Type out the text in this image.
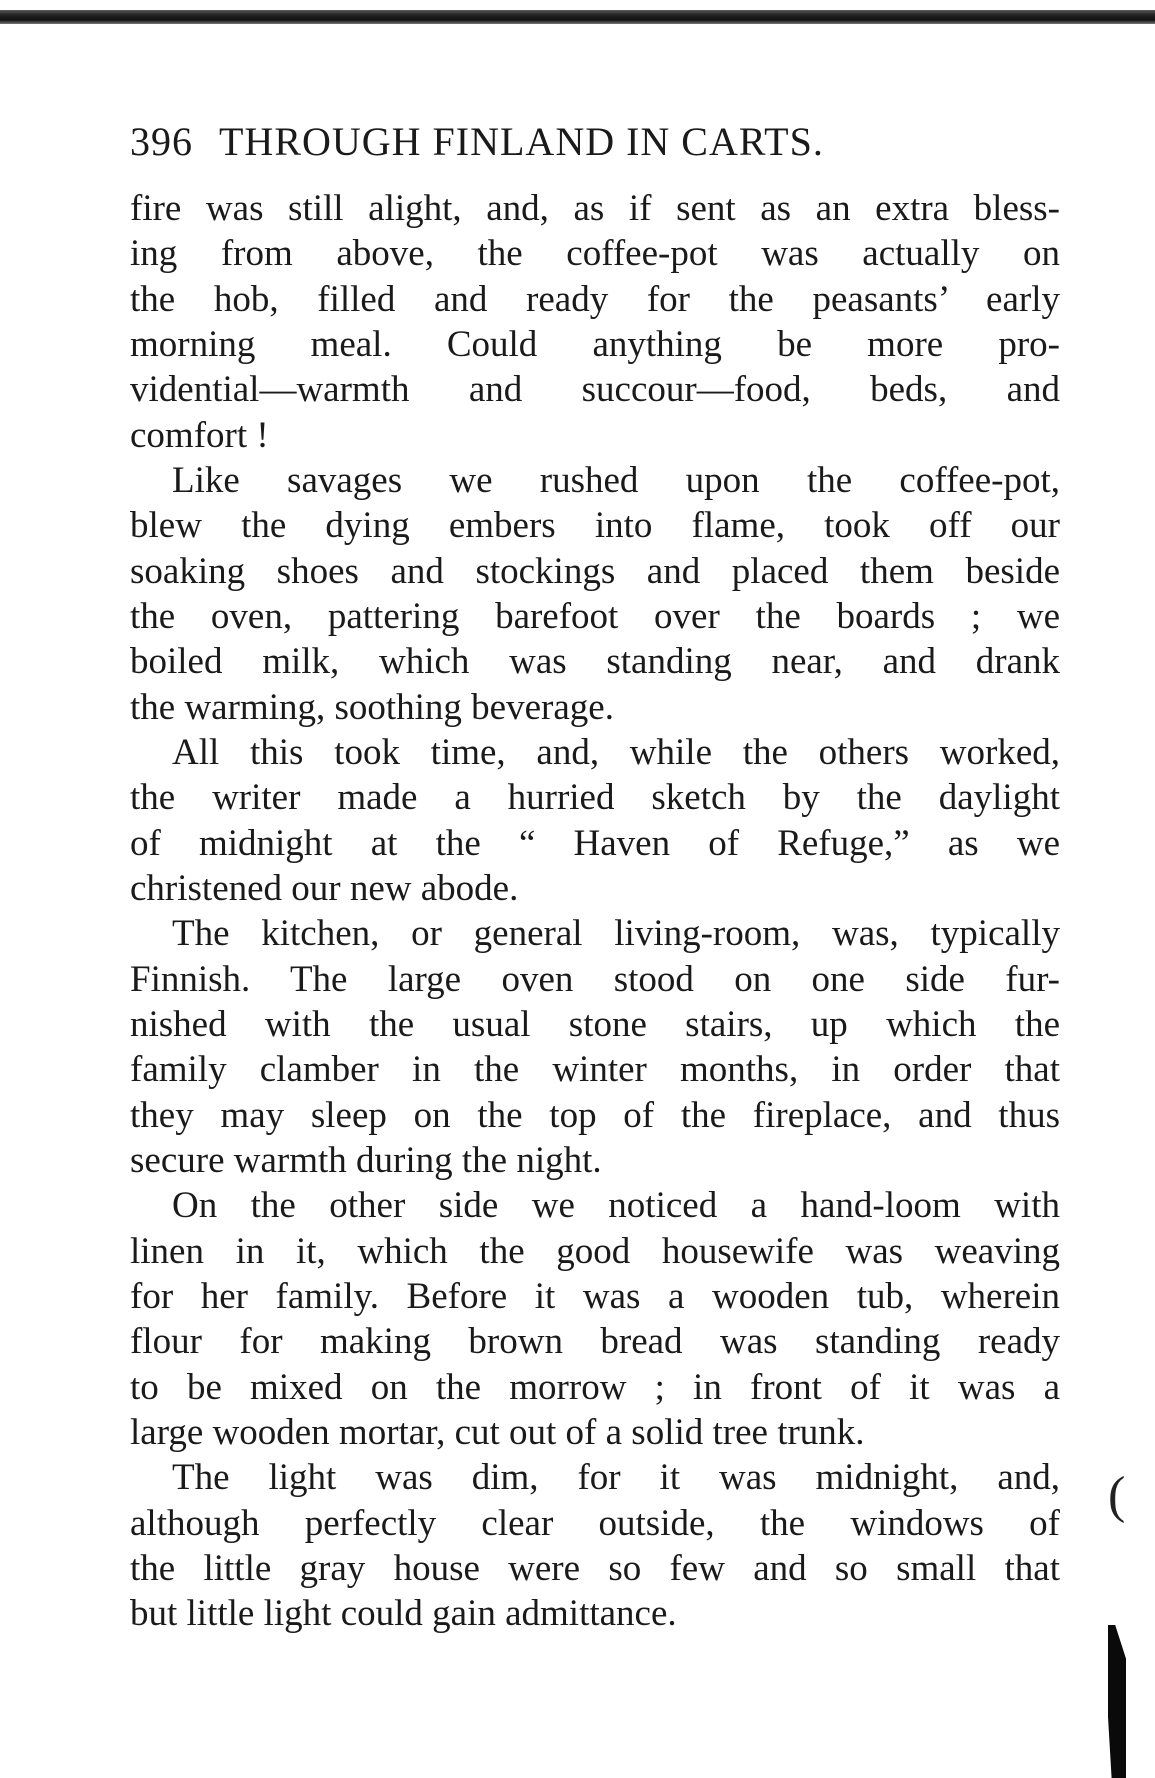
396 THROUGH FINLAND IN CARTS.
fire was still alight, and, as if sent as an extra bless-
ing from above, the coffee-pot was actually on
the hob, filled and ready for the peasants’ early
morning meal. Could anything be more pro-
vidential—warmth and succour—food, beds, and
comfort !
Like savages we rushed upon the coffee-pot,
blew the dying embers into flame, took off our
soaking shoes and stockings and placed them beside
the oven, pattering barefoot over the boards ; we
boiled milk, which was standing near, and drank
the warming, soothing beverage.
All this took time, and, while the others worked,
the writer made a hurried sketch by the daylight
of midnight at the “ Haven of Refuge,” as we
christened our new abode.
The kitchen, or general living-room, was, typically
Finnish. The large oven stood on one side fur-
nished with the usual stone stairs, up which the
family clamber in the winter months, in order that
they may sleep on the top of the fireplace, and thus
secure warmth during the night.
On the other side we noticed a hand-loom with
linen in it, which the good housewife was weaving
for her family. Before it was a wooden tub, wherein
flour for making brown bread was standing ready
to be mixed on the morrow ; in front of it was a
large wooden mortar, cut out of a solid tree trunk.
The light was dim, for it was midnight, and,
although perfectly clear outside, the windows of
the little gray house were so few and so small that
but little light could gain admittance.
(
